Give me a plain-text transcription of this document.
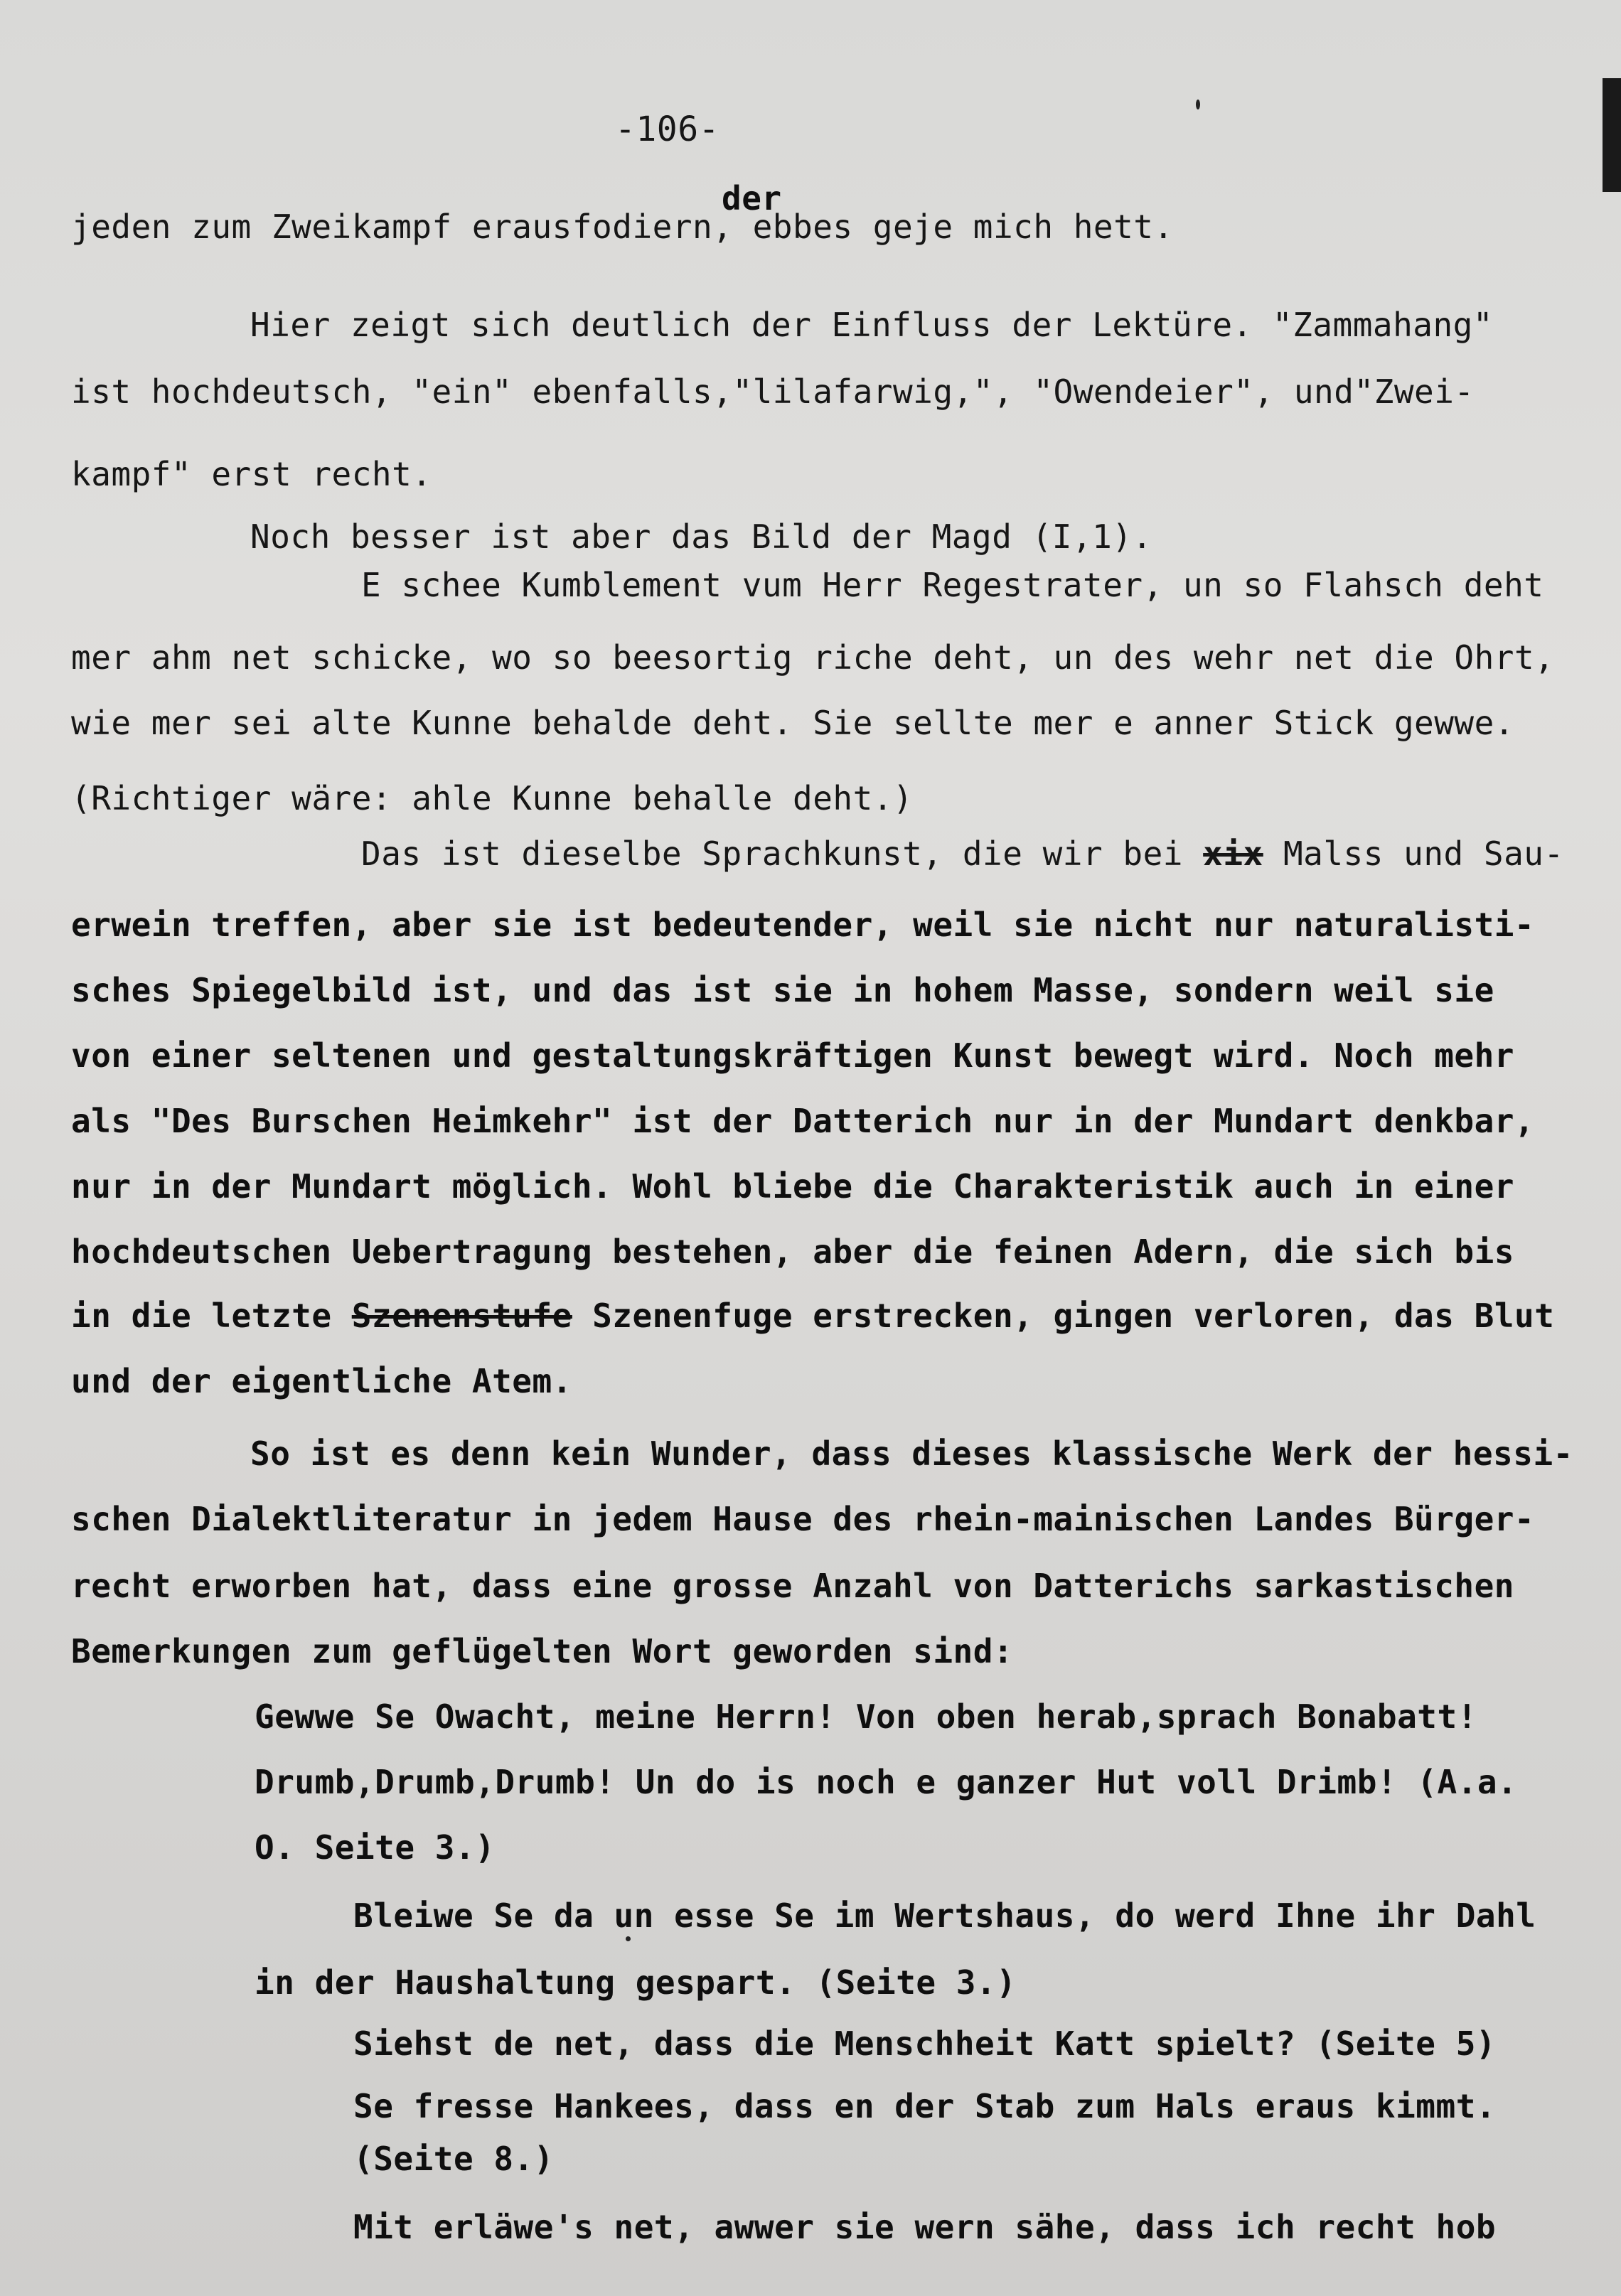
-106-
der
jeden zum Zweikampf erausfodiern, ebbes geje mich hett.
Hier zeigt sich deutlich der Einfluss der Lektüre. "Zammahang"
ist hochdeutsch, "ein" ebenfalls,"lilafarwig,", "Owendeier", und"Zwei-
kampf" erst recht.
Noch besser ist aber das Bild der Magd (I,1).
E schee Kumblement vum Herr Regestrater, un so Flahsch deht
mer ahm net schicke, wo so beesortig riche deht, un des wehr net die Ohrt,
wie mer sei alte Kunne behalde deht. Sie sellte mer e anner Stick gewwe.
(Richtiger wäre: ahle Kunne behalle deht.)
Das ist dieselbe Sprachkunst, die wir bei xix Malss und Sau-
erwein treffen, aber sie ist bedeutender, weil sie nicht nur naturalisti-
sches Spiegelbild ist, und das ist sie in hohem Masse, sondern weil sie
von einer seltenen und gestaltungskräftigen Kunst bewegt wird. Noch mehr
als "Des Burschen Heimkehr" ist der Datterich nur in der Mundart denkbar,
nur in der Mundart möglich. Wohl bliebe die Charakteristik auch in einer
hochdeutschen Uebertragung bestehen, aber die feinen Adern, die sich bis
in die letzte Szenenstufe Szenenfuge erstrecken, gingen verloren, das Blut
und der eigentliche Atem.
So ist es denn kein Wunder, dass dieses klassische Werk der hessi-
schen Dialektliteratur in jedem Hause des rhein-mainischen Landes Bürger-
recht erworben hat, dass eine grosse Anzahl von Datterichs sarkastischen
Bemerkungen zum geflügelten Wort geworden sind:
Gewwe Se Owacht, meine Herrn! Von oben herab,sprach Bonabatt!
Drumb,Drumb,Drumb! Un do is noch e ganzer Hut voll Drimb! (A.a.
O. Seite 3.)
Bleiwe Se da un esse Se im Wertshaus, do werd Ihne ihr Dahl
in der Haushaltung gespart. (Seite 3.)
Siehst de net, dass die Menschheit Katt spielt? (Seite 5)
Se fresse Hankees, dass en der Stab zum Hals eraus kimmt.
(Seite 8.)
Mit erläwe's net, awwer sie wern sähe, dass ich recht hob
